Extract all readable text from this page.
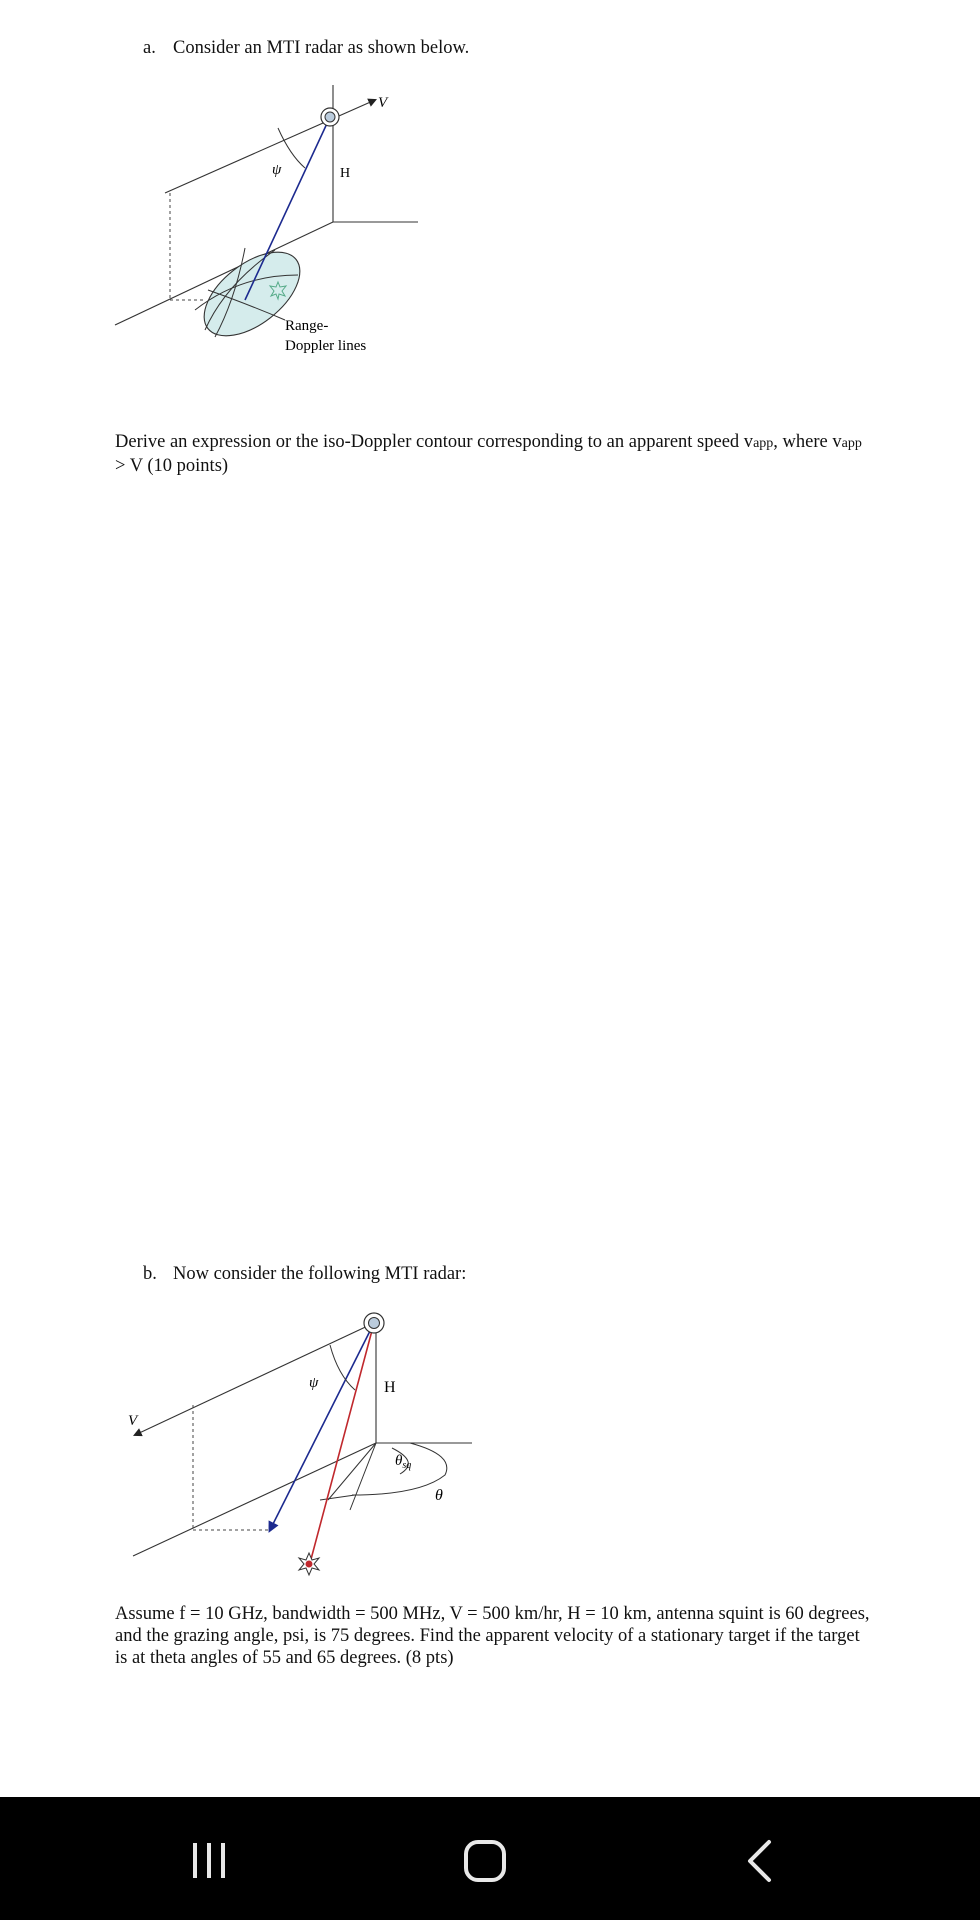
a. Consider an MTI radar as shown below.
V
ψ	H
Range-
Doppler lines
Derive an expression or the iso-Doppler contour corresponding to an apparent speed vapp, where vapp > V (10 points)
b. Now consider the following MTI radar:
V
ψ	H
$\theta_{sq}$
θ
Assume f = 10 GHz, bandwidth = 500 MHz, V = 500 km/hr, H = 10 km, antenna squint is 60 degrees, and the grazing angle, psi, is 75 degrees. Find the apparent velocity of a stationary target if the target is at theta angles of 55 and 65 degrees. (8 pts)
